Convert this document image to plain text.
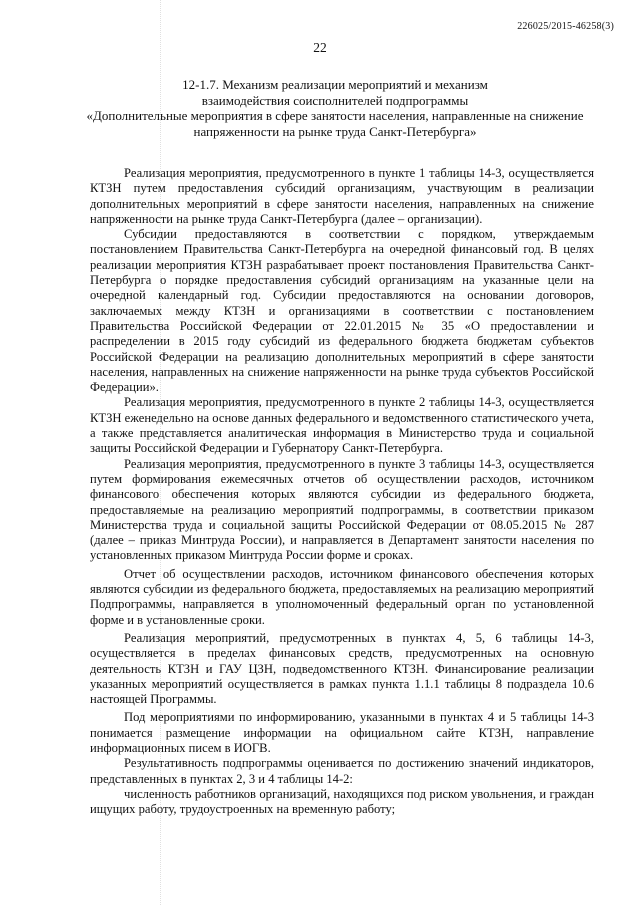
226025/2015-46258(3)
22
12-1.7. Механизм реализации мероприятий и механизм
взаимодействия соисполнителей подпрограммы
«Дополнительные мероприятия в сфере занятости населения, направленные на снижение
напряженности на рынке труда Санкт-Петербурга»

Реализация мероприятия, предусмотренного в пункте 1 таблицы 14-3, осуществляется КТЗН путем предоставления субсидий организациям, участвующим в реализации дополнительных мероприятий в сфере занятости населения, направленных на снижение напряженности на рынке труда Санкт-Петербурга (далее – организации).

Субсидии предоставляются в соответствии с порядком, утверждаемым постановлением Правительства Санкт-Петербурга на очередной финансовый год. В целях реализации мероприятия КТЗН разрабатывает проект постановления Правительства Санкт-Петербурга о порядке предоставления субсидий организациям на указанные цели на очередной календарный год. Субсидии предоставляются на основании договоров, заключаемых между КТЗН и организациями в соответствии с постановлением Правительства Российской Федерации от 22.01.2015 № 35 «О предоставлении и распределении в 2015 году субсидий из федерального бюджета бюджетам субъектов Российской Федерации на реализацию дополнительных мероприятий в сфере занятости населения, направленных на снижение напряженности на рынке труда субъектов Российской Федерации».

Реализация мероприятия, предусмотренного в пункте 2 таблицы 14-3, осуществляется КТЗН еженедельно на основе данных федерального и ведомственного статистического учета, а также представляется аналитическая информация в Министерство труда и социальной защиты Российской Федерации и Губернатору Санкт-Петербурга.

Реализация мероприятия, предусмотренного в пункте 3 таблицы 14-3, осуществляется путем формирования ежемесячных отчетов об осуществлении расходов, источником финансового обеспечения которых являются субсидии из федерального бюджета, предоставляемые на реализацию мероприятий подпрограммы, в соответствии приказом Министерства труда и социальной защиты Российской Федерации от 08.05.2015 № 287 (далее – приказ Минтруда России), и направляется в Департамент занятости населения по установленных приказом Минтруда России форме и сроках.

Отчет об осуществлении расходов, источником финансового обеспечения которых являются субсидии из федерального бюджета, предоставляемых на реализацию мероприятий Подпрограммы, направляется в уполномоченный федеральный орган по установленной форме и в установленные сроки.

Реализация мероприятий, предусмотренных в пунктах 4, 5, 6 таблицы 14-3, осуществляется в пределах финансовых средств, предусмотренных на основную деятельность КТЗН и ГАУ ЦЗН, подведомственного КТЗН. Финансирование реализации указанных мероприятий осуществляется в рамках пункта 1.1.1 таблицы 8 подраздела 10.6 настоящей Программы.

Под мероприятиями по информированию, указанными в пунктах 4 и 5 таблицы 14-3 понимается размещение информации на официальном сайте КТЗН, направление информационных писем в ИОГВ.

Результативность подпрограммы оценивается по достижению значений индикаторов, представленных в пунктах 2, 3 и 4 таблицы 14-2:

численность работников организаций, находящихся под риском увольнения, и граждан ищущих работу, трудоустроенных на временную работу;
